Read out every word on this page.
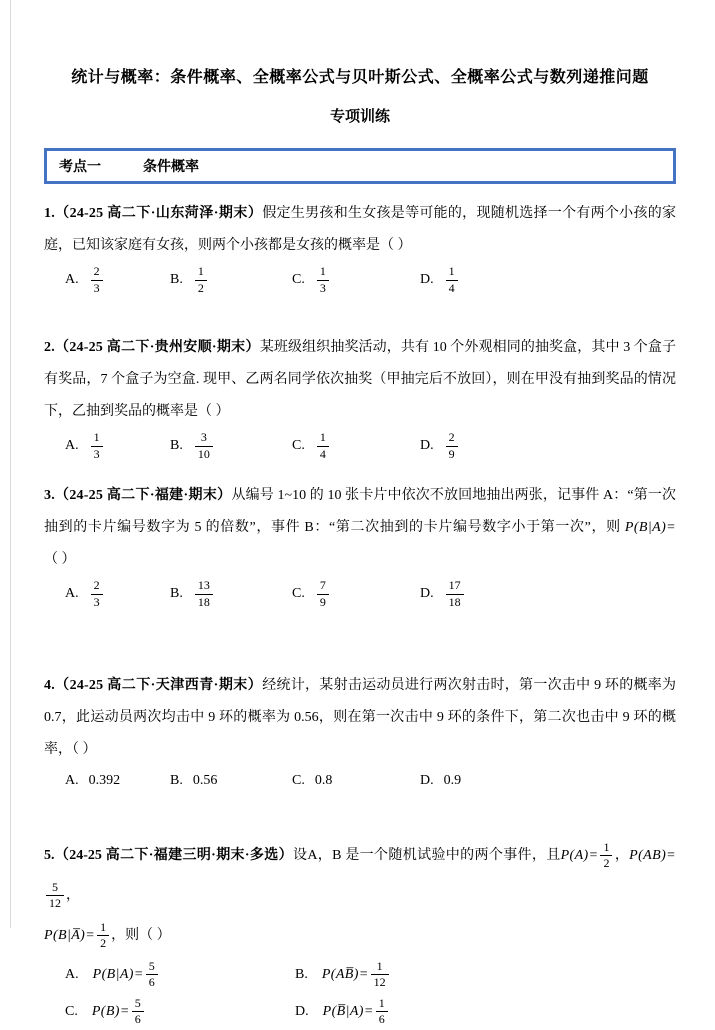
统计与概率：条件概率、全概率公式与贝叶斯公式、全概率公式与数列递推问题
专项训练
考点一	条件概率

1.（24-25 高二下·山东菏泽·期末）假定生男孩和生女孩是等可能的，现随机选择一个有两个小孩的家庭，已知该家庭有女孩，则两个小孩都是女孩的概率是（ ）

A. $\frac{2}{3}$	B. $\frac{1}{2}$	C. $\frac{1}{3}$	D. $\frac{1}{4}$

2.（24-25 高二下·贵州安顺·期末）某班级组织抽奖活动，共有 10 个外观相同的抽奖盒，其中 3 个盒子有奖品，7 个盒子为空盒. 现甲、乙两名同学依次抽奖（甲抽完后不放回），则在甲没有抽到奖品的情况下，乙抽到奖品的概率是（ ）

A. $\frac{1}{3}$	B. $\frac{3}{10}$	C. $\frac{1}{4}$	D. $\frac{2}{9}$

3.（24-25 高二下·福建·期末）从编号 1~10 的 10 张卡片中依次不放回地抽出两张，记事件 A：“第一次抽到的卡片编号数字为 5 的倍数”，事件 B：“第二次抽到的卡片编号数字小于第一次”，则 P(B|A)=（ ）

A. $\frac{2}{3}$	B. $\frac{13}{18}$	C. $\frac{7}{9}$	D. $\frac{17}{18}$

4.（24-25 高二下·天津西青·期末）经统计，某射击运动员进行两次射击时，第一次击中 9 环的概率为 0.7，此运动员两次均击中 9 环的概率为 0.56，则在第一次击中 9 环的条件下，第二次也击中 9 环的概率，（ ）

A. 0.392	B. 0.56	C. 0.8	D. 0.9

5.（24-25 高二下·福建三明·期末·多选）设A，B 是一个随机试验中的两个事件，且$P(A)= \frac{1}{2}$ ，P(AB)=
$\frac{5}{12}$ ，
P(B|A̅)= $\frac{1}{2}$ ，则（ ）

A. $P(B|A)= \frac{5}{6}$	B. P(AB̅)= $\frac{1}{12}$
C. $P(B)= \frac{5}{6}$	D. P(B̅|A)= $\frac{1}{6}$
